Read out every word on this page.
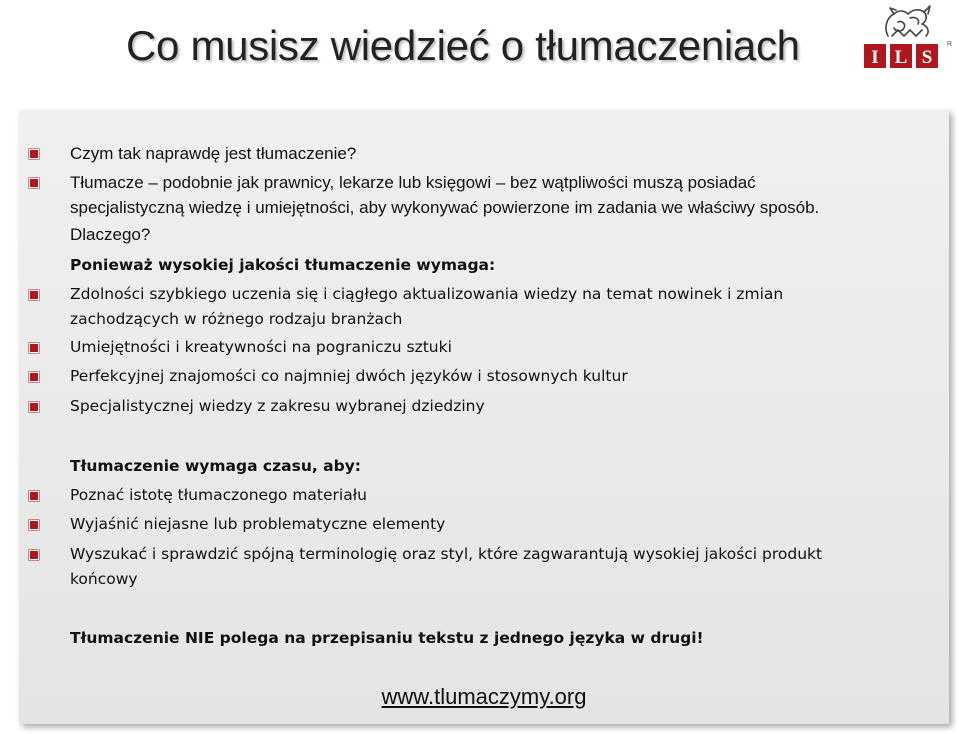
Co musisz wiedzieć o tłumaczeniach	I L S
R
Czym tak naprawdę jest tłumaczenie?
Tłumacze – podobnie jak prawnicy, lekarze lub księgowi – bez wątpliwości muszą posiadać
specjalistyczną wiedzę i umiejętności, aby wykonywać powierzone im zadania we właściwy sposób.
Dlaczego?
Ponieważ wysokiej jakości tłumaczenie wymaga:
Zdolności szybkiego uczenia się i ciągłego aktualizowania wiedzy na temat nowinek i zmian
zachodzących w różnego rodzaju branżach
Umiejętności i kreatywności na pograniczu sztuki
Perfekcyjnej znajomości co najmniej dwóch języków i stosownych kultur
Specjalistycznej wiedzy z zakresu wybranej dziedziny
Tłumaczenie wymaga czasu, aby:
Poznać istotę tłumaczonego materiału
Wyjaśnić niejasne lub problematyczne elementy
Wyszukać i sprawdzić spójną terminologię oraz styl, które zagwarantują wysokiej jakości produkt
końcowy
Tłumaczenie NIE polega na przepisaniu tekstu z jednego języka w drugi!
www.tlumaczymy.org
